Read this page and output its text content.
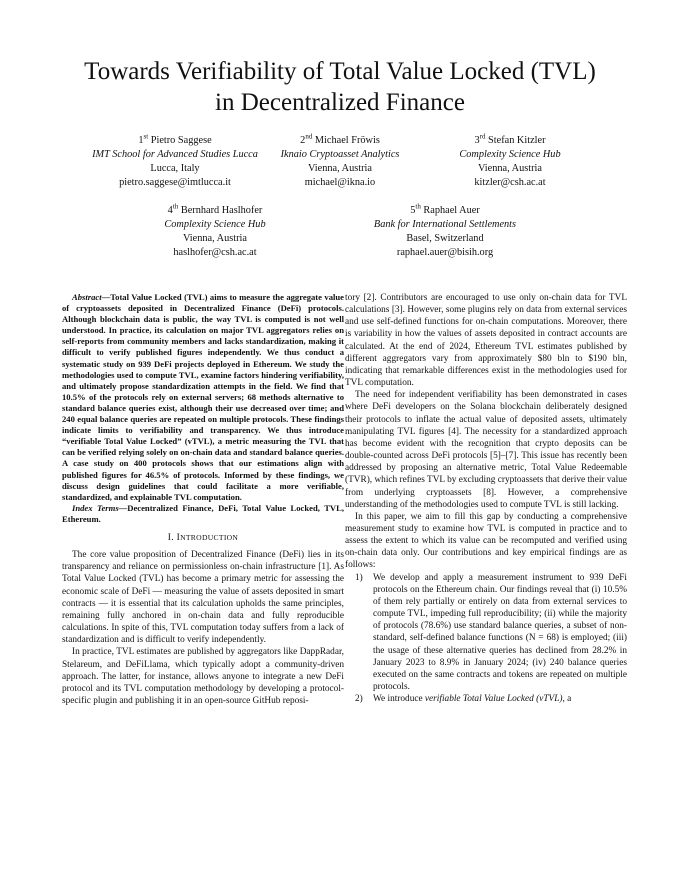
Towards Verifiability of Total Value Locked (TVL)
in Decentralized Finance
1st Pietro Saggese
IMT School for Advanced Studies Lucca
Lucca, Italy
pietro.saggese@imtlucca.it
2nd Michael Fröwis
Iknaio Cryptoasset Analytics
Vienna, Austria
michael@ikna.io
3rd Stefan Kitzler
Complexity Science Hub
Vienna, Austria
kitzler@csh.ac.at
4th Bernhard Haslhofer
Complexity Science Hub
Vienna, Austria
haslhofer@csh.ac.at
5th Raphael Auer
Bank for International Settlements
Basel, Switzerland
raphael.auer@bisih.org

Abstract—Total Value Locked (TVL) aims to measure the aggregate value of cryptoassets deposited in Decentralized Finance (DeFi) protocols. Although blockchain data is public, the way TVL is computed is not well understood. In practice, its calculation on major TVL aggregators relies on self-reports from community members and lacks standardization, making it difficult to verify published figures independently. We thus conduct a systematic study on 939 DeFi projects deployed in Ethereum. We study the methodologies used to compute TVL, examine factors hindering verifiability, and ultimately propose standardization attempts in the field. We find that 10.5% of the protocols rely on external servers; 68 methods alternative to standard balance queries exist, although their use decreased over time; and 240 equal balance queries are repeated on multiple protocols. These findings indicate limits to verifiability and transparency. We thus introduce “verifiable Total Value Locked” (vTVL), a metric measuring the TVL that can be verified relying solely on on-chain data and standard balance queries. A case study on 400 protocols shows that our estimations align with published figures for 46.5% of protocols. Informed by these findings, we discuss design guidelines that could facilitate a more verifiable, standardized, and explainable TVL computation.

Index Terms—Decentralized Finance, DeFi, Total Value Locked, TVL, Ethereum.

I. INTRODUCTION

The core value proposition of Decentralized Finance (DeFi) lies in its transparency and reliance on permissionless on-chain infrastructure [1]. As Total Value Locked (TVL) has become a primary metric for assessing the economic scale of DeFi — measuring the value of assets deposited in smart contracts — it is essential that its calculation upholds the same principles, remaining fully anchored in on-chain data and fully reproducible calculations. In spite of this, TVL computation today suffers from a lack of standardization and is difficult to verify independently.

In practice, TVL estimates are published by aggregators like DappRadar, Stelareum, and DeFiLlama, which typically adopt a community-driven approach. The latter, for instance, allows anyone to integrate a new DeFi protocol and its TVL computation methodology by developing a protocol-specific plugin and publishing it in an open-source GitHub reposi-

tory [2]. Contributors are encouraged to use only on-chain data for TVL calculations [3]. However, some plugins rely on data from external services and use self-defined functions for on-chain computations. Moreover, there is variability in how the values of assets deposited in contract accounts are calculated. At the end of 2024, Ethereum TVL estimates published by different aggregators vary from approximately $80 bln to $190 bln, indicating that remarkable differences exist in the methodologies used for TVL computation.

The need for independent verifiability has been demonstrated in cases where DeFi developers on the Solana blockchain deliberately designed their protocols to inflate the actual value of deposited assets, ultimately manipulating TVL figures [4]. The necessity for a standardized approach has become evident with the recognition that crypto deposits can be double-counted across DeFi protocols [5]–[7]. This issue has recently been addressed by proposing an alternative metric, Total Value Redeemable (TVR), which refines TVL by excluding cryptoassets that derive their value from underlying cryptoassets [8]. However, a comprehensive understanding of the methodologies used to compute TVL is still lacking.

In this paper, we aim to fill this gap by conducting a comprehensive measurement study to examine how TVL is computed in practice and to assess the extent to which its value can be recomputed and verified using on-chain data only. Our contributions and key empirical findings are as follows:

1) We develop and apply a measurement instrument to 939 DeFi protocols on the Ethereum chain. Our findings reveal that (i) 10.5% of them rely partially or entirely on data from external services to compute TVL, impeding full reproducibility; (ii) while the majority of protocols (78.6%) use standard balance queries, a subset of non-standard, self-defined balance functions (N = 68) is employed; (iii) the usage of these alternative queries has declined from 28.2% in January 2023 to 8.9% in January 2024; (iv) 240 balance queries executed on the same contracts and tokens are repeated on multiple protocols.
2) We introduce verifiable Total Value Locked (vTVL), a
